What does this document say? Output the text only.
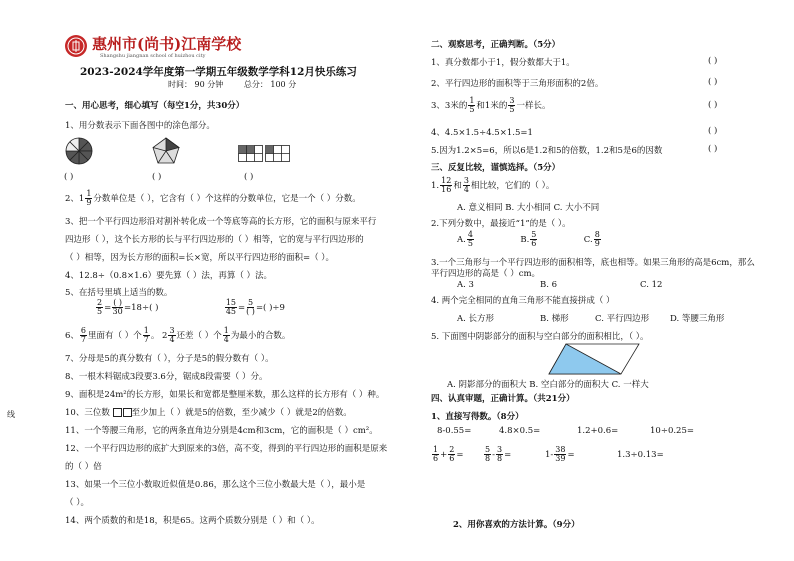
惠州市(尚书)江南学校
Shangshu jiangnan school of huizhou city
2023-2024学年度第一学期五年级数学学科12月快乐练习
时间： 90 分钟	总分： 100 分
线
一、用心思考，细心填写（每空1分，共30分）
1、用分数表示下面各图中的涂色部分。
( )	( )	( )
2、$1 \frac{1}{9}$ 分数单位是（ ），它含有（ ）个这样的分数单位，它是一个（ ）分数。
3、把一个平行四边形沿对割补转化成一个等底等高的长方形，它的面积与原来平行
四边形（ ），这个长方形的长与平行四边形的（ ）相等，它的宽与平行四边形的
（ ）相等，因为长方形的面积=长×宽，所以平行四边形的面积=（ ）。
4、12.8÷（0.8×1.6）要先算（ ）法，再算（ ）法。
5、在括号里填上适当的数。
$\frac{2}{5} = \frac{( )}{30} =18\div$( )	$\frac{15}{45} = \frac{5}{( )}$ =( )÷9
6、 $\frac{6}{7}$ 里面有（ ）个 $\frac{1}{7}$ 。 $2 \frac{3}{4}$ 还差（ ）个 $\frac{1}{4}$ 为最小的合数。
7、分母是5的真分数有（ ），分子是5的假分数有（ ）。
8、一根木料锯成3段要3.6分，锯成8段需要（ ）分。
9、面积是24m²的长方形，如果长和宽都是整厘米数，那么这样的长方形有（ ）种。
10、三位数	至少加上（ ）就是5的倍数，至少减少（ ）就是2的倍数。
11、一个等腰三角形，它的两条直角边分别是4cm和3cm，它的面积是（ ）cm²。
12、一个平行四边形的底扩大到原来的3倍，高不变，得到的平行四边形的面积是原来
的（ ）倍
13、如果一个三位小数取近似值是0.86，那么这个三位小数最大是（ ），最小是
（ ）。
14、两个质数的和是18，积是65。这两个质数分别是（ ）和（ ）。
二、观察思考，正确判断。（5分）
1、真分数都小于1，假分数都大于1。	( )
2、平行四边形的面积等于三角形面积的2倍。	( )
3、3米的 $\frac{1}{5}$ 和1米的 $\frac{3}{5}$ 一样长。	( )
4、4.5×1.5÷4.5×1.5=1	( )
5.因为1.2×5=6，所以6是1.2和5的倍数，1.2和5是6的因数	( )
三、反复比较，谨慎选择。（5分）
1. $\frac{12}{16}$ 和 $\frac{3}{4}$ 相比较，它们的（ ）。
A. 意义相同 B. 大小相同 C. 大小不同
2.下列分数中，最接近“1”的是（ ）。
A. $\frac{4}{5}$	B. $\frac{5}{6}$	C. $\frac{8}{9}$
3.一个三角形与一个平行四边形的面积相等，底也相等。如果三角形的高是6cm，那么
平行四边形的高是（ ）cm。
A. 3	B. 6	C. 12
4. 两个完全相同的直角三角形不能直接拼成（ ）
A. 长方形	B. 梯形	C. 平行四边形 D. 等腰三角形
5. 下面图中阴影部分的面积与空白部分的面积相比，（ ）。
A. 阴影部分的面积大 B. 空白部分的面积大 C. 一样大
四、认真审题，正确计算。（共21分）
1、直接写得数。（8分）
8-0.55=	4.8×0.5=	1.2+0.6=	10÷0.25=
$\frac{1}{6} + \frac{2}{6}$ =	$\frac{5}{8} - \frac{3}{8}$ =	$1- \frac{38}{39}$ =	1.3÷0.13=
2、用你喜欢的方法计算。（9分）
